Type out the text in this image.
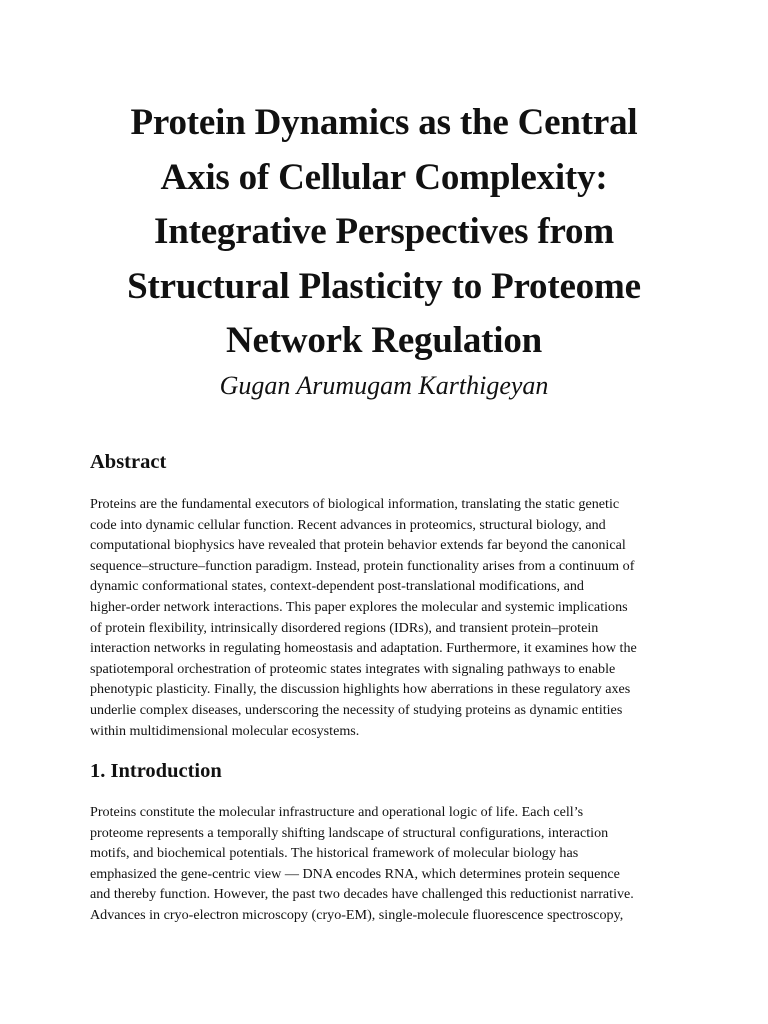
Protein Dynamics as the Central
Axis of Cellular Complexity:
Integrative Perspectives from
Structural Plasticity to Proteome
Network Regulation

Gugan Arumugam Karthigeyan

Abstract

Proteins are the fundamental executors of biological information, translating the static genetic
code into dynamic cellular function. Recent advances in proteomics, structural biology, and
computational biophysics have revealed that protein behavior extends far beyond the canonical
sequence–structure–function paradigm. Instead, protein functionality arises from a continuum of
dynamic conformational states, context-dependent post-translational modifications, and
higher-order network interactions. This paper explores the molecular and systemic implications
of protein flexibility, intrinsically disordered regions (IDRs), and transient protein–protein
interaction networks in regulating homeostasis and adaptation. Furthermore, it examines how the
spatiotemporal orchestration of proteomic states integrates with signaling pathways to enable
phenotypic plasticity. Finally, the discussion highlights how aberrations in these regulatory axes
underlie complex diseases, underscoring the necessity of studying proteins as dynamic entities
within multidimensional molecular ecosystems.

1. Introduction

Proteins constitute the molecular infrastructure and operational logic of life. Each cell’s
proteome represents a temporally shifting landscape of structural configurations, interaction
motifs, and biochemical potentials. The historical framework of molecular biology has
emphasized the gene-centric view — DNA encodes RNA, which determines protein sequence
and thereby function. However, the past two decades have challenged this reductionist narrative.
Advances in cryo-electron microscopy (cryo-EM), single-molecule fluorescence spectroscopy,
